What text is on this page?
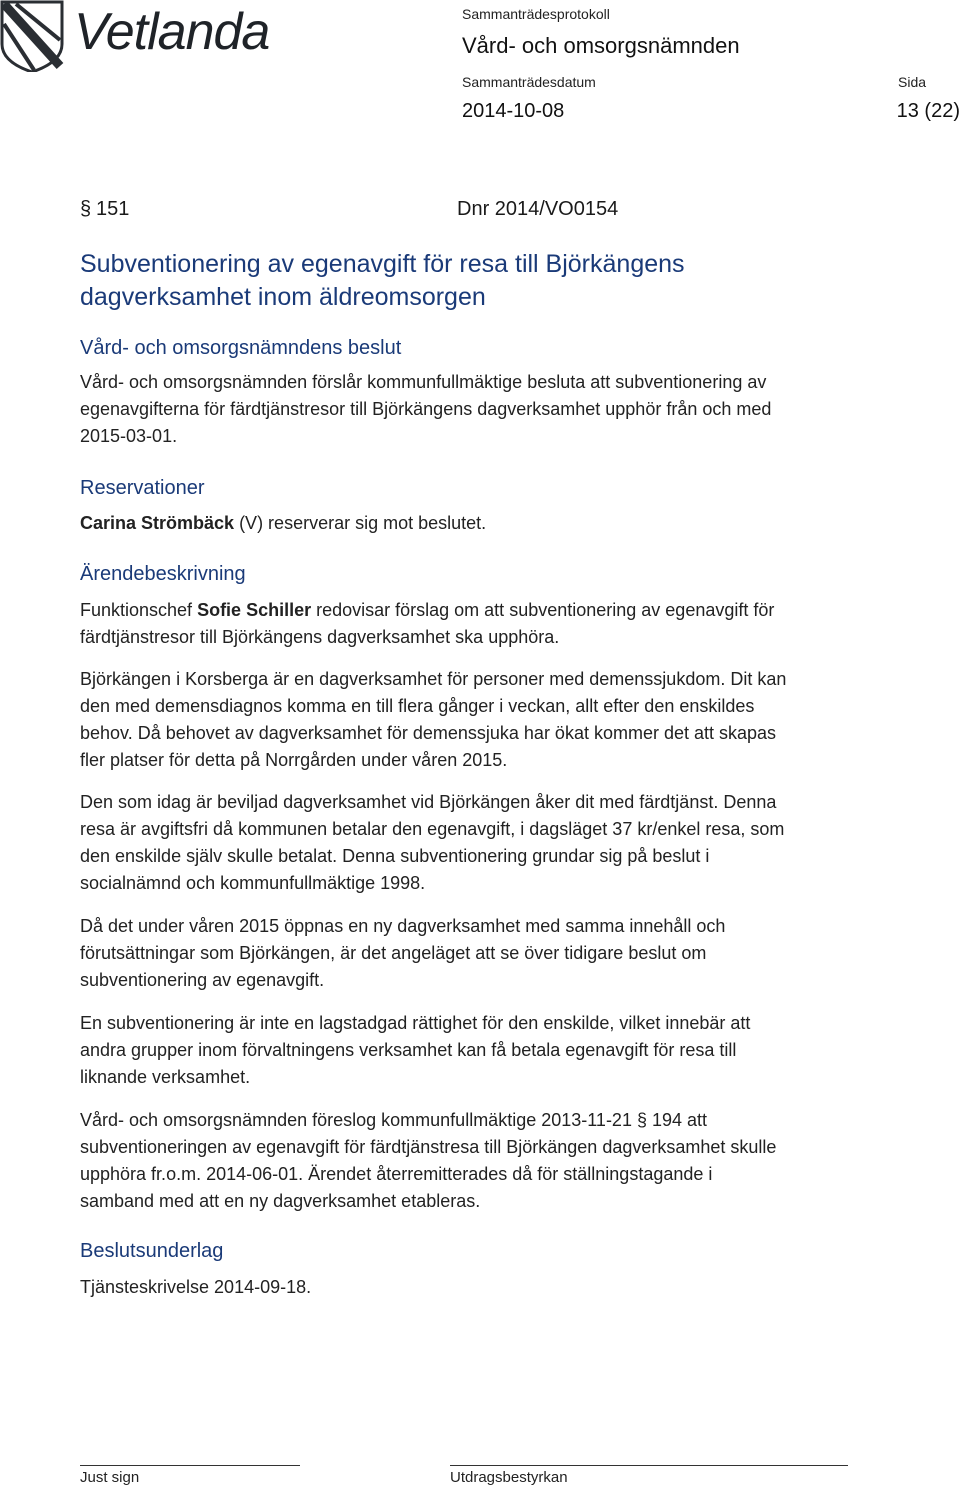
Vetlanda	Sammanträdesprotokoll
Vård- och omsorgsnämnden
Sammanträdesdatum	Sida
2014-10-08	13 (22)
§ 151	Dnr 2014/VO0154
Subventionering av egenavgift för resa till Björkängens
dagverksamhet inom äldreomsorgen
Vård- och omsorgsnämndens beslut
Vård- och omsorgsnämnden förslår kommunfullmäktige besluta att subventionering av
egenavgifterna för färdtjänstresor till Björkängens dagverksamhet upphör från och med
2015-03-01.
Reservationer
Carina Strömbäck (V) reserverar sig mot beslutet.
Ärendebeskrivning
Funktionschef Sofie Schiller redovisar förslag om att subventionering av egenavgift för
färdtjänstresor till Björkängens dagverksamhet ska upphöra.
Björkängen i Korsberga är en dagverksamhet för personer med demenssjukdom. Dit kan
den med demensdiagnos komma en till flera gånger i veckan, allt efter den enskildes
behov. Då behovet av dagverksamhet för demenssjuka har ökat kommer det att skapas
fler platser för detta på Norrgården under våren 2015.
Den som idag är beviljad dagverksamhet vid Björkängen åker dit med färdtjänst. Denna
resa är avgiftsfri då kommunen betalar den egenavgift, i dagsläget 37 kr/enkel resa, som
den enskilde själv skulle betalat. Denna subventionering grundar sig på beslut i
socialnämnd och kommunfullmäktige 1998.
Då det under våren 2015 öppnas en ny dagverksamhet med samma innehåll och
förutsättningar som Björkängen, är det angeläget att se över tidigare beslut om
subventionering av egenavgift.
En subventionering är inte en lagstadgad rättighet för den enskilde, vilket innebär att
andra grupper inom förvaltningens verksamhet kan få betala egenavgift för resa till
liknande verksamhet.
Vård- och omsorgsnämnden föreslog kommunfullmäktige 2013-11-21 § 194 att
subventioneringen av egenavgift för färdtjänstresa till Björkängen dagverksamhet skulle
upphöra fr.o.m. 2014-06-01. Ärendet återremitterades då för ställningstagande i
samband med att en ny dagverksamhet etableras.
Beslutsunderlag
Tjänsteskrivelse 2014-09-18.
Just sign	Utdragsbestyrkan
